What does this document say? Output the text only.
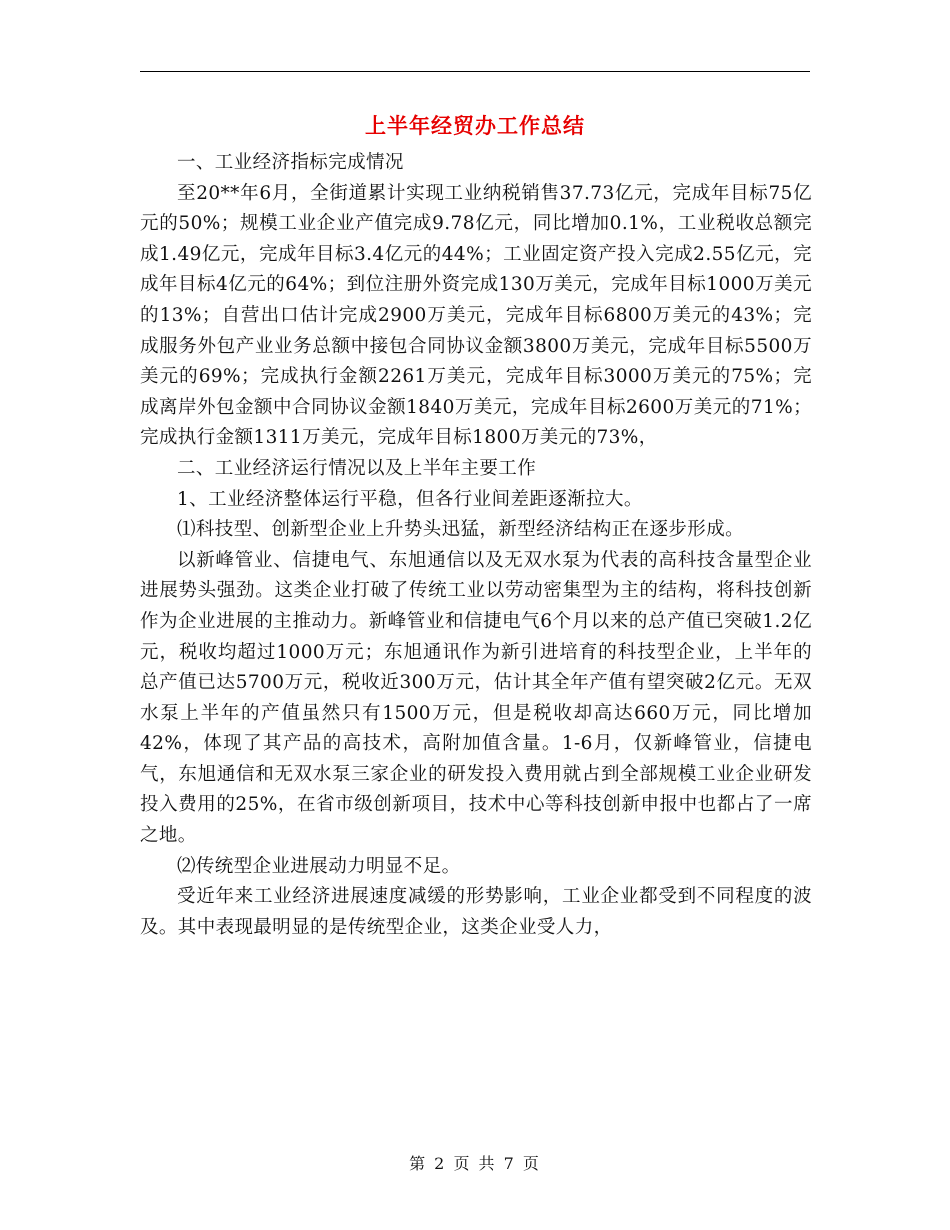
上半年经贸办工作总结

一、工业经济指标完成情况

至20**年6月，全街道累计实现工业纳税销售37.73亿元，完成年目标75亿元的50%；规模工业企业产值完成9.78亿元，同比增加0.1%，工业税收总额完成1.49亿元，完成年目标3.4亿元的44%；工业固定资产投入完成2.55亿元，完成年目标4亿元的64%；到位注册外资完成130万美元，完成年目标1000万美元的13%；自营出口估计完成2900万美元，完成年目标6800万美元的43%；完成服务外包产业业务总额中接包合同协议金额3800万美元，完成年目标5500万美元的69%；完成执行金额2261万美元，完成年目标3000万美元的75%；完成离岸外包金额中合同协议金额1840万美元，完成年目标2600万美元的71%；完成执行金额1311万美元，完成年目标1800万美元的73%，

二、工业经济运行情况以及上半年主要工作

1、工业经济整体运行平稳，但各行业间差距逐渐拉大。

⑴科技型、创新型企业上升势头迅猛，新型经济结构正在逐步形成。

以新峰管业、信捷电气、东旭通信以及无双水泵为代表的高科技含量型企业进展势头强劲。这类企业打破了传统工业以劳动密集型为主的结构，将科技创新作为企业进展的主推动力。新峰管业和信捷电气6个月以来的总产值已突破1.2亿元，税收均超过1000万元；东旭通讯作为新引进培育的科技型企业，上半年的总产值已达5700万元，税收近300万元，估计其全年产值有望突破2亿元。无双水泵上半年的产值虽然只有1500万元，但是税收却高达660万元，同比增加42%，体现了其产品的高技术，高附加值含量。1-6月，仅新峰管业，信捷电气，东旭通信和无双水泵三家企业的研发投入费用就占到全部规模工业企业研发投入费用的25%，在省市级创新项目，技术中心等科技创新申报中也都占了一席之地。

⑵传统型企业进展动力明显不足。

受近年来工业经济进展速度减缓的形势影响，工业企业都受到不同程度的波及。其中表现最明显的是传统型企业，这类企业受人力，

第 2 页 共 7 页
